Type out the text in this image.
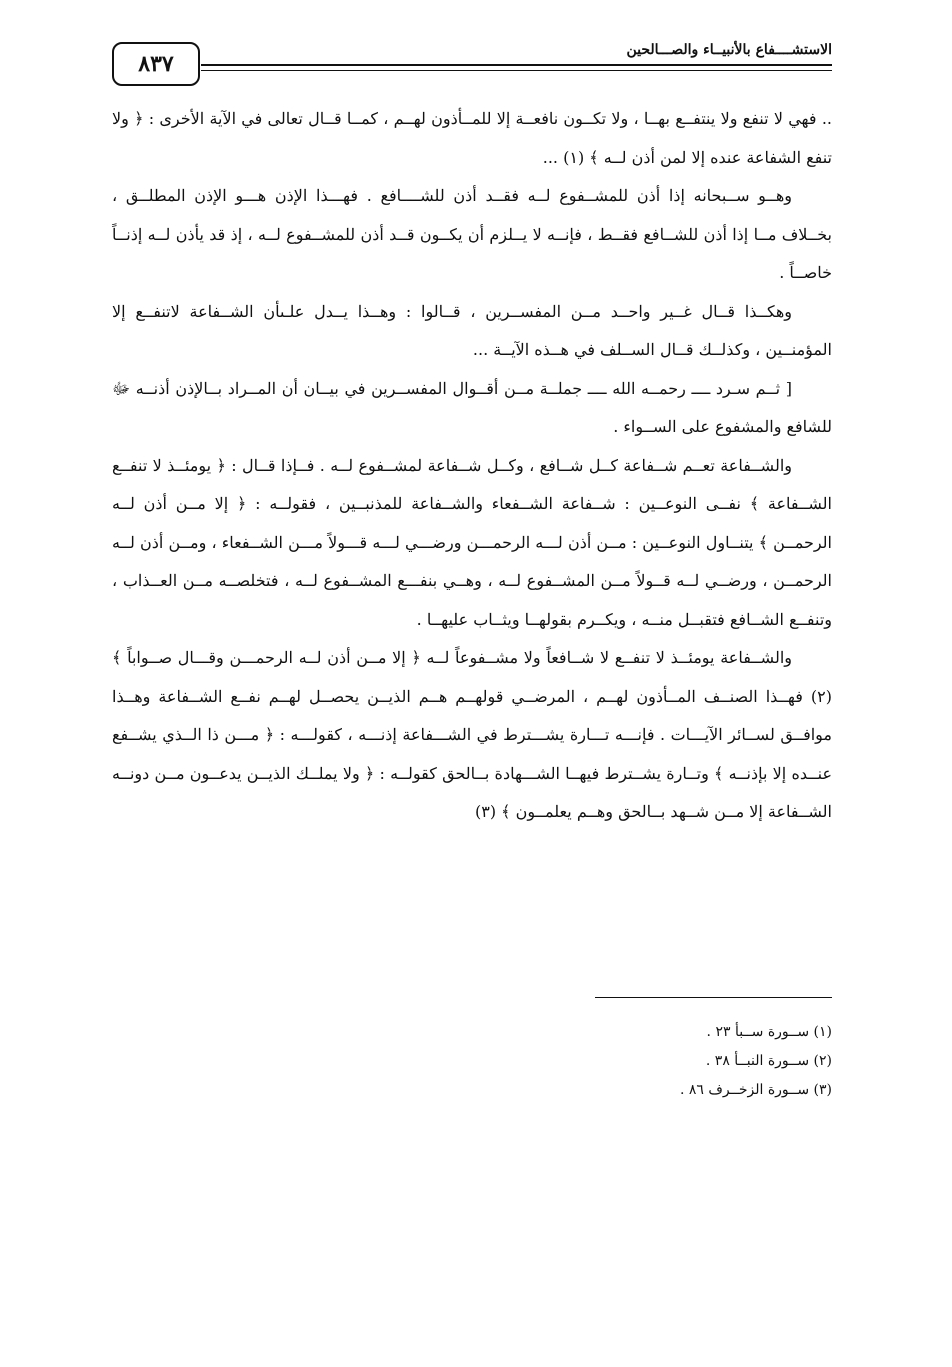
٨٣٧
الاستشــــفاع بالأنبيــاء والصـــالحين

.. فهي لا تنفع ولا ينتفــع بهــا ، ولا تكــون نافعــة إلا للمــأذون لهــم ، كمــا قــال تعالى في الآية الأخرى : ﴿ ولا تنفع الشفاعة عنده إلا لمن أذن لــه ﴾ (١) ...

وهــو ســبحانه إذا أذن للمشــفوع لــه فقــد أذن للشــــافع . فهـــذا الإذن هـــو الإذن المطلــق ، بخــلاف مــا إذا أذن للشــافع فقــط ، فإنــه لا يــلزم أن يكــون قــد أذن للمشــفوع لــه ، إذ قد يأذن لــه إذنــاً خاصــاً .

وهكــذا قــال غــير واحــد مــن المفســرين ، قــالوا : وهــذا يــدل علـىأن الشــفاعة لاتنفــع إلا المؤمنــين ، وكذلــك قــال الســلف في هــذه الآيــة ...

[ ثــم سـرد ــــ رحمــه الله ــــ جملــة مــن أقــوال المفســرين في بيــان أن المــراد بــالإذن أذنــه ﷻ للشافع والمشفوع على الســواء .

والشــفاعة تعــم شــفاعة كــل شــافع ، وكــل شــفاعة لمشــفوع لــه . فــإذا قــال : ﴿ يومئــذ لا تنفــع الشــفاعة ﴾ نفــى النوعــين : شــفاعة الشــفعاء والشــفاعة للمذنبــين ، فقولــه : ﴿ إلا مــن أذن لــه الرحمــن ﴾ يتنــاول النوعــين : مــن أذن لـــه الرحمـــن ورضـــي لـــه قـــولاً مـــن الشــفعاء ، ومــن أذن لــه الرحمــن ، ورضــي لــه قــولاً مــن المشــفوع لــه ، وهــي بنفـــع المشــفوع لــه ، فتخلصــه مــن العــذاب ، وتنفــع الشــافع فتقبــل منــه ، ويكــرم بقولهــا ويثــاب عليهــا .

والشــفاعة يومئــذ لا تنفــع لا شــافعاً ولا مشــفوعاً لــه ﴿ إلا مــن أذن لــه الرحمـــن وقـــال صــواباً ﴾ (٢) فهــذا الصنــف المــأذون لهــم ، المرضــي قولهــم هــم الذيــن يحصــل لهــم نفــع الشــفاعة وهــذا موافــق لســائر الآيـــات . فإنـــه تـــارة يشـــترط في الشـــفاعة إذنـــه ، كقولـــه : ﴿ مـــن ذا الــذي يشــفع عنــده إلا بإذنــه ﴾ وتــارة يشــترط فيهــا الشـــهادة بــالحق كقولــه : ﴿ ولا يملــك الذيــن يدعــون مــن دونــه الشــفاعة إلا مــن شــهد بــالحق وهــم يعلمــون ﴾ (٣)

(١) ســورة ســبأ ٢٣ .

(٢) ســورة النبــأ ٣٨ .

(٣) ســورة الزخــرف ٨٦ .
